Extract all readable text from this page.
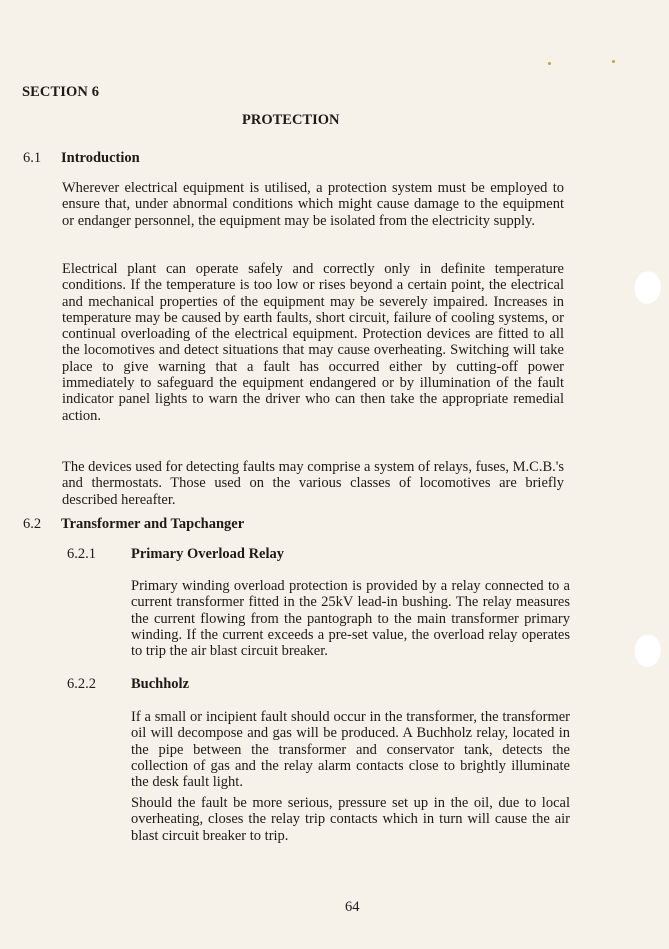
SECTION 6
PROTECTION
6.1 Introduction

Wherever electrical equipment is utilised, a protection system must be employed to ensure that, under abnormal conditions which might cause damage to the equipment or endanger personnel, the equipment may be isolated from the electricity supply.

Electrical plant can operate safely and correctly only in definite temperature conditions. If the temperature is too low or rises beyond a certain point, the electrical and mechanical properties of the equipment may be severely impaired. Increases in temperature may be caused by earth faults, short circuit, failure of cooling systems, or continual overloading of the electrical equipment. Protection devices are fitted to all the locomotives and detect situations that may cause overheating. Switching will take place to give warning that a fault has occurred either by cutting-off power immediately to safeguard the equipment endangered or by illumination of the fault indicator panel lights to warn the driver who can then take the appropriate remedial action.

The devices used for detecting faults may comprise a system of relays, fuses, M.C.B.'s and thermostats. Those used on the various classes of locomotives are briefly described hereafter.

6.2 Transformer and Tapchanger
6.2.1 Primary Overload Relay

Primary winding overload protection is provided by a relay connected to a current transformer fitted in the 25kV lead-in bushing. The relay measures the current flowing from the pantograph to the main transformer primary winding. If the current exceeds a pre-set value, the overload relay operates to trip the air blast circuit breaker.

6.2.2 Buchholz

If a small or incipient fault should occur in the transformer, the transformer oil will decompose and gas will be produced. A Buchholz relay, located in the pipe between the transformer and conservator tank, detects the collection of gas and the relay alarm contacts close to brightly illuminate the desk fault light.

Should the fault be more serious, pressure set up in the oil, due to local overheating, closes the relay trip contacts which in turn will cause the air blast circuit breaker to trip.

64
